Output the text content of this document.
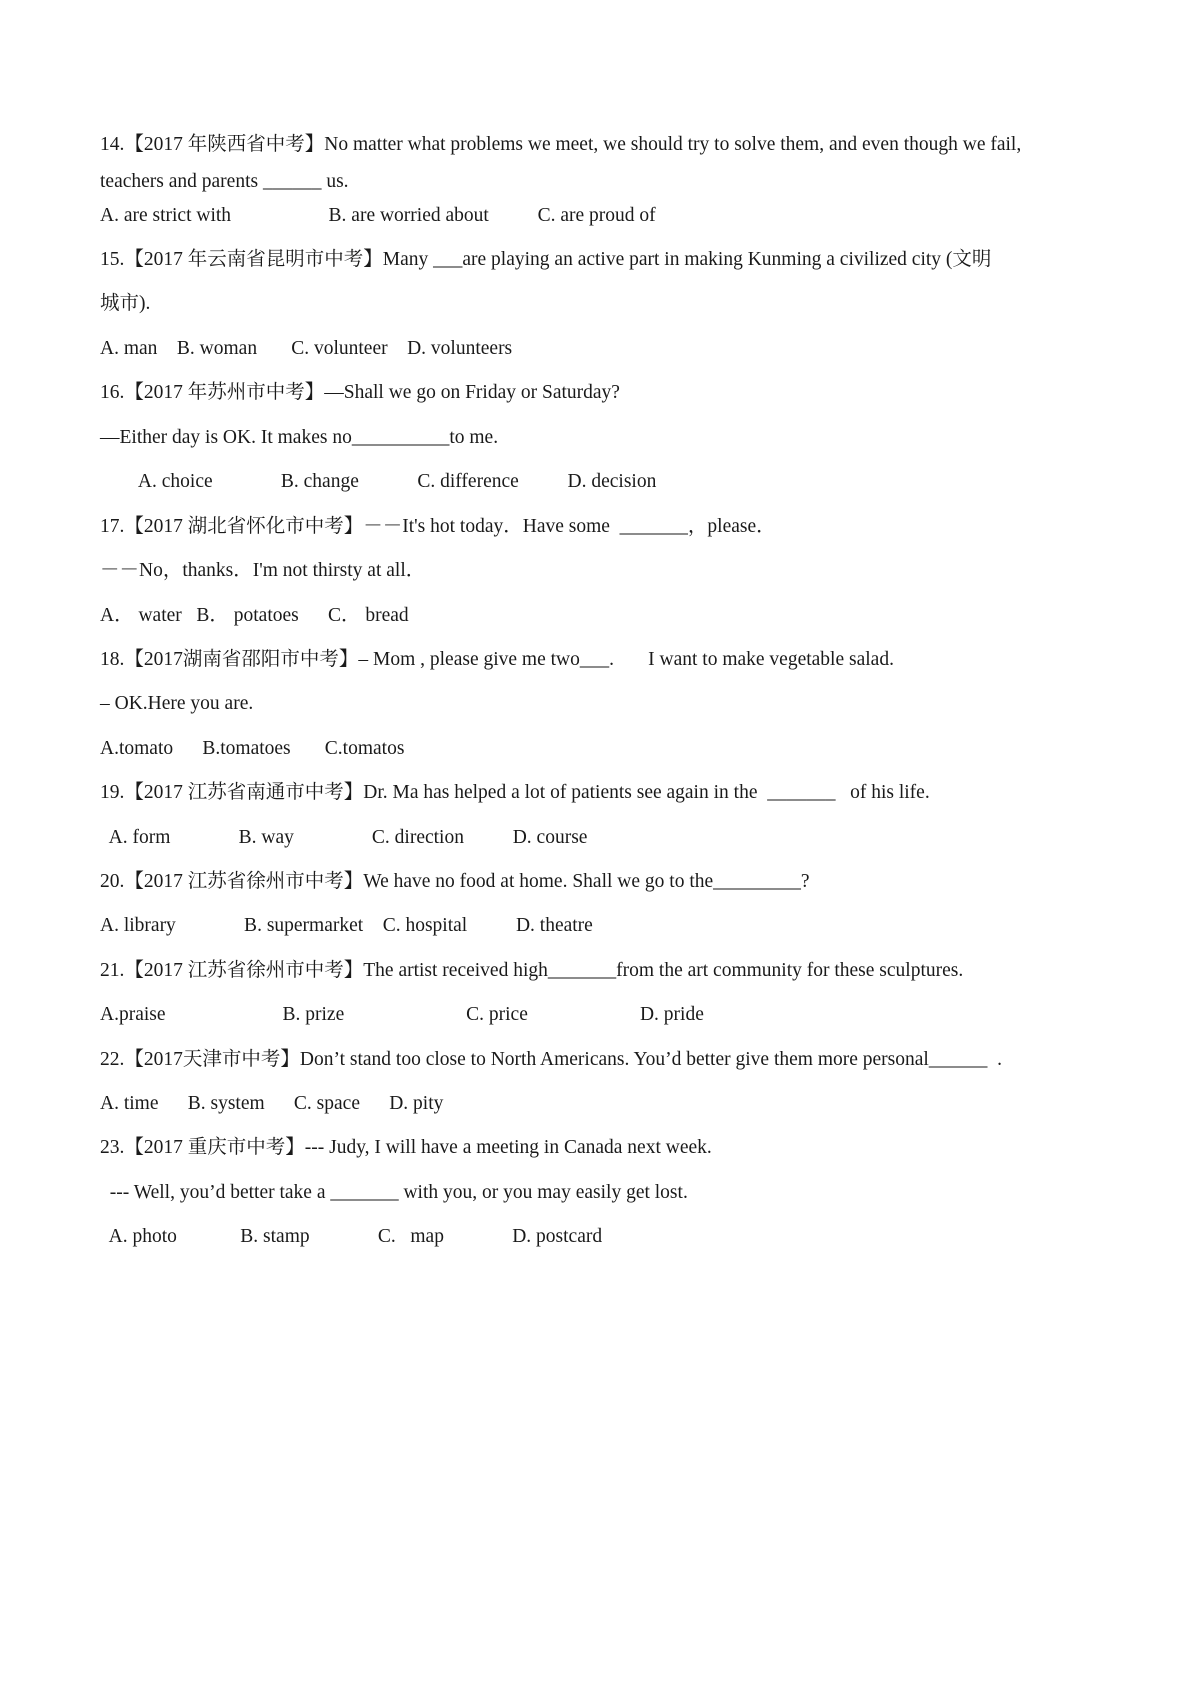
14.【2017 年陕西省中考】No matter what problems we meet, we should try to solve them, and even though we fail,
teachers and parents ______ us.
A. are strict with                    B. are worried about          C. are proud of
15.【2017 年云南省昆明市中考】Many ___are playing an active part in making Kunming a civilized city (文明
城市).
A. man    B. woman       C. volunteer    D. volunteers
16.【2017 年苏州市中考】—Shall we go on Friday or Saturday?
—Either day is OK. It makes no__________to me.
A. choice              B. change            C. difference          D. decision
17.【2017 湖北省怀化市中考】－－It's hot today．Have some  _______，please．
－－No，thanks．I'm not thirsty at all．
A． water   B． potatoes      C． bread
18.【2017湖南省邵阳市中考】– Mom , please give me two___.       I want to make vegetable salad.
– OK.Here you are.
A.tomato      B.tomatoes       C.tomatos
19.【2017 江苏省南通市中考】Dr. Ma has helped a lot of patients see again in the  _______   of his life.
A. form              B. way                C. direction          D. course
20.【2017 江苏省徐州市中考】We have no food at home. Shall we go to the_________?
A. library              B. supermarket    C. hospital          D. theatre
21.【2017 江苏省徐州市中考】The artist received high_______from the art community for these sculptures.
A.praise                        B. prize                         C. price                       D. pride
22.【2017天津市中考】Don’t stand too close to North Americans. You’d better give them more personal______  .
A. time      B. system      C. space      D. pity
23.【2017 重庆市中考】--- Judy, I will have a meeting in Canada next week.
--- Well, you’d better take a _______ with you, or you may easily get lost.
A. photo             B. stamp              C.   map              D. postcard
